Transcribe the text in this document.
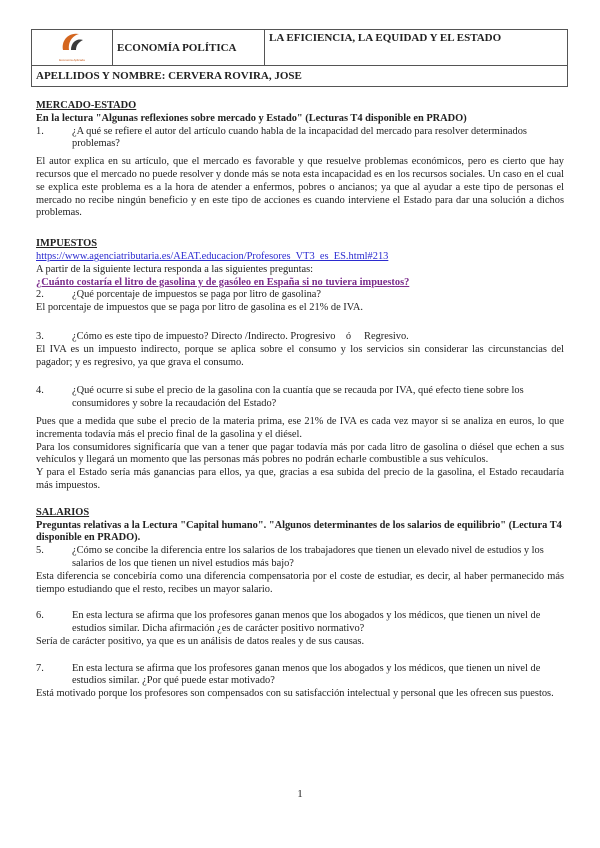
Economía Aplicada
	ECONOMÍA POLÍTICA	LA EFICIENCIA, LA EQUIDAD Y EL ESTADO
APELLIDOS Y NOMBRE: CERVERA ROVIRA, JOSE

MERCADO-ESTADO

En la lectura "Algunas reflexiones sobre mercado y Estado" (Lecturas T4 disponible en PRADO)

1.	¿A qué se refiere el autor del artículo cuando habla de la incapacidad del mercado para resolver determinados problemas?

El autor explica en su artículo, que el mercado es favorable y que resuelve problemas económicos, pero es cierto que hay recursos que el mercado no puede resolver y donde más se nota esta incapacidad es en los recursos sociales. Un caso en el cual se explica este problema es a la hora de atender a enfermos, pobres o ancianos; ya que al ayudar a este tipo de personas el mercado no recibe ningún beneficio y en este tipo de acciones es cuando interviene el Estado para dar una solución a dichos problemas.

IMPUESTOS

https://www.agenciatributaria.es/AEAT.educacion/Profesores_VT3_es_ES.html#213

A partir de la siguiente lectura responda a las siguientes preguntas:

¿Cuánto costaría el litro de gasolina y de gasóleo en España si no tuviera impuestos?

2.	¿Qué porcentaje de impuestos se paga por litro de gasolina?

El porcentaje de impuestos que se paga por litro de gasolina es el 21% de IVA.

3.	¿Cómo es este tipo de impuesto? Directo /Indirecto. Progresivo    ó     Regresivo.

El IVA es un impuesto indirecto, porque se aplica sobre el consumo y los servicios sin considerar las circunstancias del pagador; y es regresivo, ya que grava el consumo.

4.	¿Qué ocurre si sube el precio de la gasolina con la cuantía que se recauda por IVA, qué efecto tiene sobre los consumidores y sobre la recaudación del Estado?

Pues que a medida que sube el precio de la materia prima, ese 21% de IVA es cada vez mayor si se analiza en euros, lo que incrementa todavía más el precio final de la gasolina y el diésel.

Para los consumidores significaría que van a tener que pagar todavía más por cada litro de gasolina o diésel que echen a sus vehículos y llegará un momento que las personas más pobres no podrán echarle combustible a sus vehículos.

Y para el Estado sería más ganancias para ellos, ya que, gracias a esa subida del precio de la gasolina, el Estado recaudaría más impuestos.

SALARIOS

Preguntas relativas a la Lectura "Capital humano". "Algunos determinantes de los salarios de equilibrio" (Lectura T4 disponible en PRADO).

5.	¿Cómo se concibe la diferencia entre los salarios de los trabajadores que tienen un elevado nivel de estudios y los salarios de los que tienen un nivel estudios más bajo?

Esta diferencia se concebiría como una diferencia compensatoria por el coste de estudiar, es decir, al haber permanecido más tiempo estudiando que el resto, recibes un mayor salario.

6.	En esta lectura se afirma que los profesores ganan menos que los abogados y los médicos, que tienen un nivel de estudios similar. Dicha afirmación ¿es de carácter positivo normativo?

Sería de carácter positivo, ya que es un análisis de datos reales y de sus causas.

7.	En esta lectura se afirma que los profesores ganan menos que los abogados y los médicos, que tienen un nivel de estudios similar. ¿Por qué puede estar motivado?

Está motivado porque los profesores son compensados con su satisfacción intelectual y personal que les ofrecen sus puestos.

1
